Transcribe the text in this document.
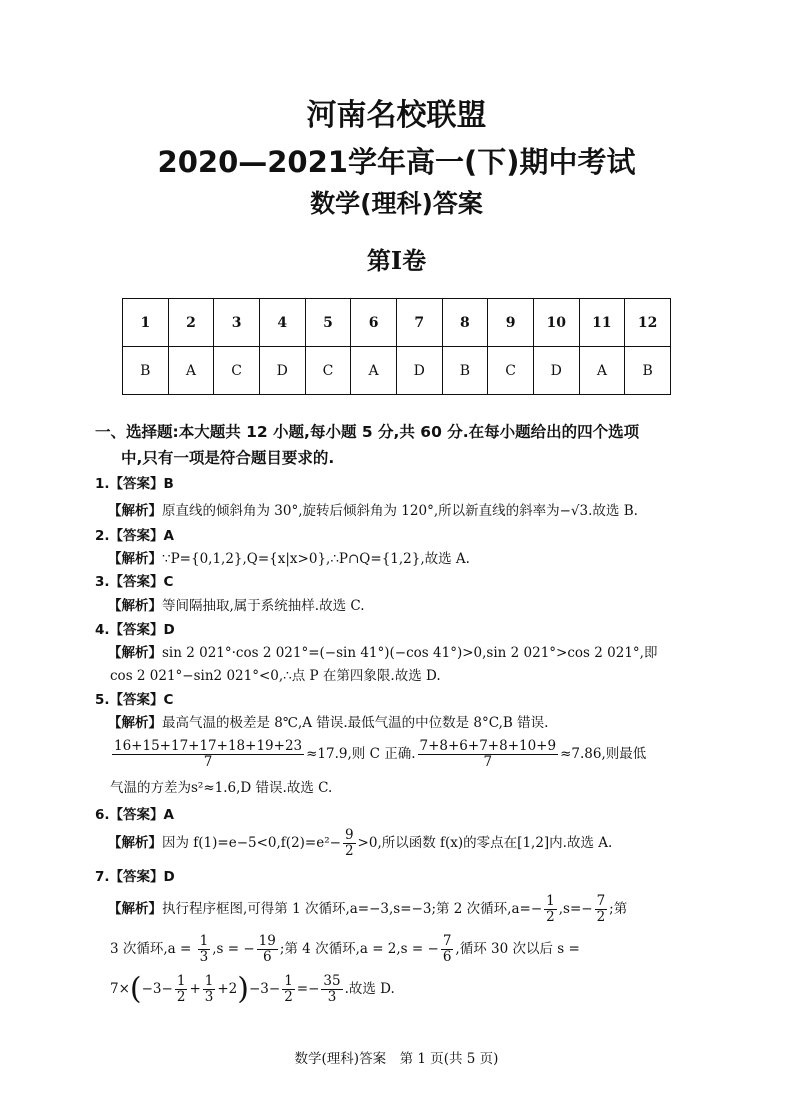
河南名校联盟
2020—2021学年高一(下)期中考试
数学(理科)答案
第Ⅰ卷
1	2	3	4	5	6	7	8	9	10	11	12
B	A	C	D	C	A	D	B	C	D	A	B
一、选择题:本大题共 12 小题,每小题 5 分,共 60 分.在每小题给出的四个选项
中,只有一项是符合题目要求的.
1.【答案】B
【解析】原直线的倾斜角为 30°,旋转后倾斜角为 120°,所以新直线的斜率为−√3.故选 B.
2.【答案】A
【解析】∵P={0,1,2},Q={x|x>0},∴P∩Q={1,2},故选 A.
3.【答案】C
【解析】等间隔抽取,属于系统抽样.故选 C.
4.【答案】D
【解析】sin 2 021°·cos 2 021°=(−sin 41°)(−cos 41°)>0,sin 2 021°>cos 2 021°,即
cos 2 021°−sin2 021°<0,∴点 P 在第四象限.故选 D.
5.【答案】C
【解析】最高气温的极差是 8℃,A 错误.最低气温的中位数是 8°C,B 错误.
$\frac{16+15+17+17+18+19+23}{7} \approx 17.9$,则 C 正确. $\frac{7+8+6+7+8+10+9}{7} \approx 7.86$,则最低
气温的方差为s²≈1.6,D 错误.故选 C.
6.【答案】A
【解析】因为 $f(1)=e-5<0,f(2)=e^2- \frac{9}{2} >0$,所以函数 f(x)的零点在[1,2]内.故选 A.
7.【答案】D
【解析】执行程序框图,可得第 1 次循环,a=−3,s=−3;第 2 次循环$,a=- \frac{1}{2} ,s=- \frac{7}{2}$ ;第
3 次循环$,a = \frac{1}{3} ,s$ = − $\frac{19}{6}$ ;第 4 次循环,a = 2,s = − $\frac{7}{6}$ ,循环 30 次以后 s =
$7\times(-3- \frac{1}{2} + \frac{1}{3} +2)-3- \frac{1}{2} =- \frac{35}{3}$ .故选 D.
数学(理科)答案　第 1 页(共 5 页)
